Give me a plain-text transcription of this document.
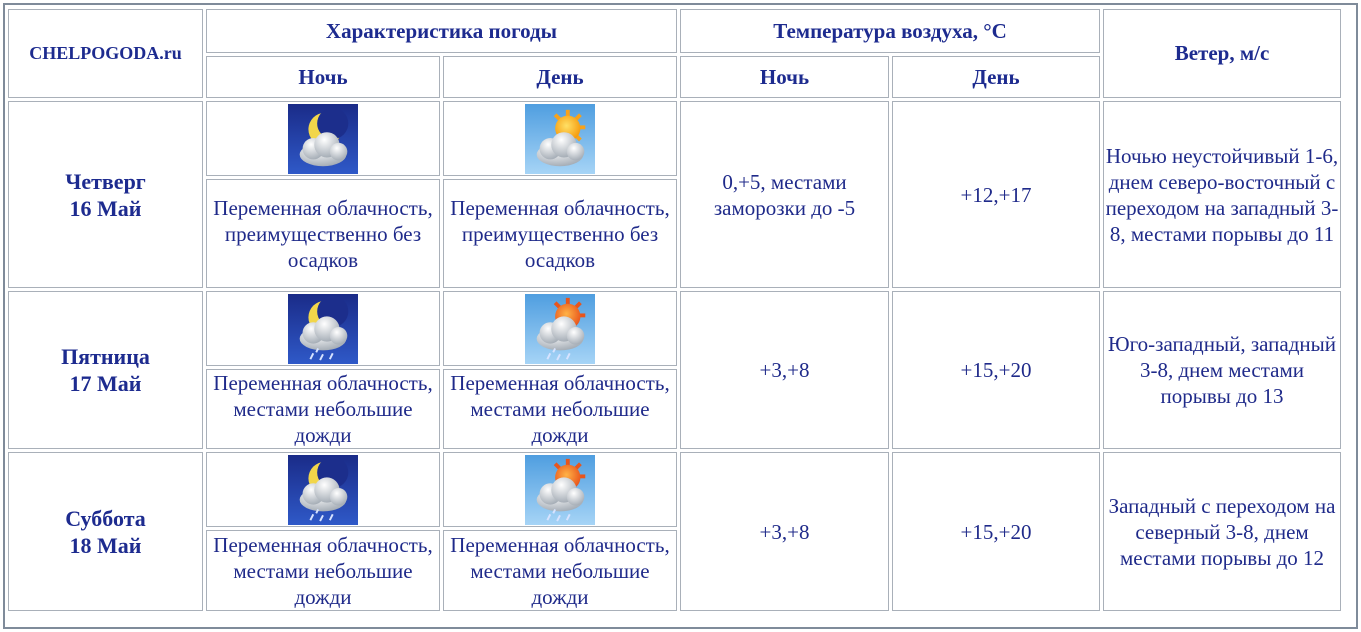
CHELPOGODA.ru	Характеристика погоды		Температура воздуха, °C		Ветер, м/с
	Ночь	День	Ночь	День	

Четверг
16 Май			0,+5, местами заморозки до -5	+12,+17	Ночью неустойчивый 1-6, днем северо-восточный с переходом на западный 3-8, местами порывы до 11
	Переменная облачность, преимущественно без осадков	Переменная облачность, преимущественно без осадков			

Пятница
17 Май			+3,+8	+15,+20	Юго-западный, западный 3-8, днем местами порывы до 13
	Переменная облачность, местами небольшие дожди	Переменная облачность, местами небольшие дожди			

Суббота
18 Май			+3,+8	+15,+20	Западный с переходом на северный 3-8, днем местами порывы до 12
	Переменная облачность, местами небольшие дожди	Переменная облачность, местами небольшие дожди			
